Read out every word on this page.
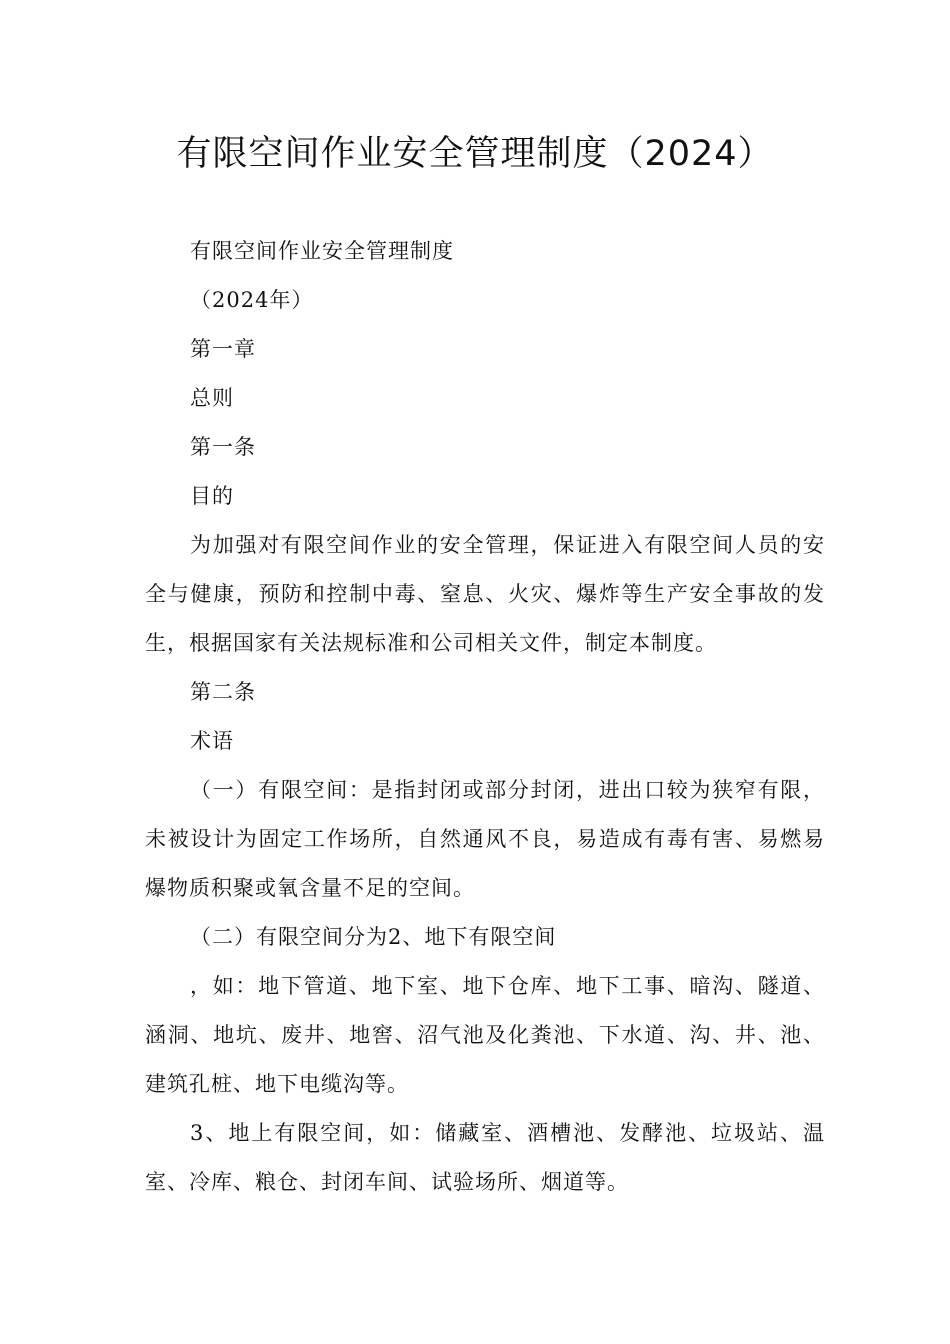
有限空间作业安全管理制度（2024）

有限空间作业安全管理制度

（2024年）

第一章

总则

第一条

目的

为加强对有限空间作业的安全管理，保证进入有限空间人员的安全与健康，预防和控制中毒、窒息、火灾、爆炸等生产安全事故的发生，根据国家有关法规标准和公司相关文件，制定本制度。

第二条

术语

（一）有限空间：是指封闭或部分封闭，进出口较为狭窄有限，未被设计为固定工作场所，自然通风不良，易造成有毒有害、易燃易爆物质积聚或氧含量不足的空间。

（二）有限空间分为2、地下有限空间

，如：地下管道、地下室、地下仓库、地下工事、暗沟、隧道、涵洞、地坑、废井、地窖、沼气池及化粪池、下水道、沟、井、池、建筑孔桩、地下电缆沟等。

3、地上有限空间，如：储藏室、酒槽池、发酵池、垃圾站、温室、冷库、粮仓、封闭车间、试验场所、烟道等。
